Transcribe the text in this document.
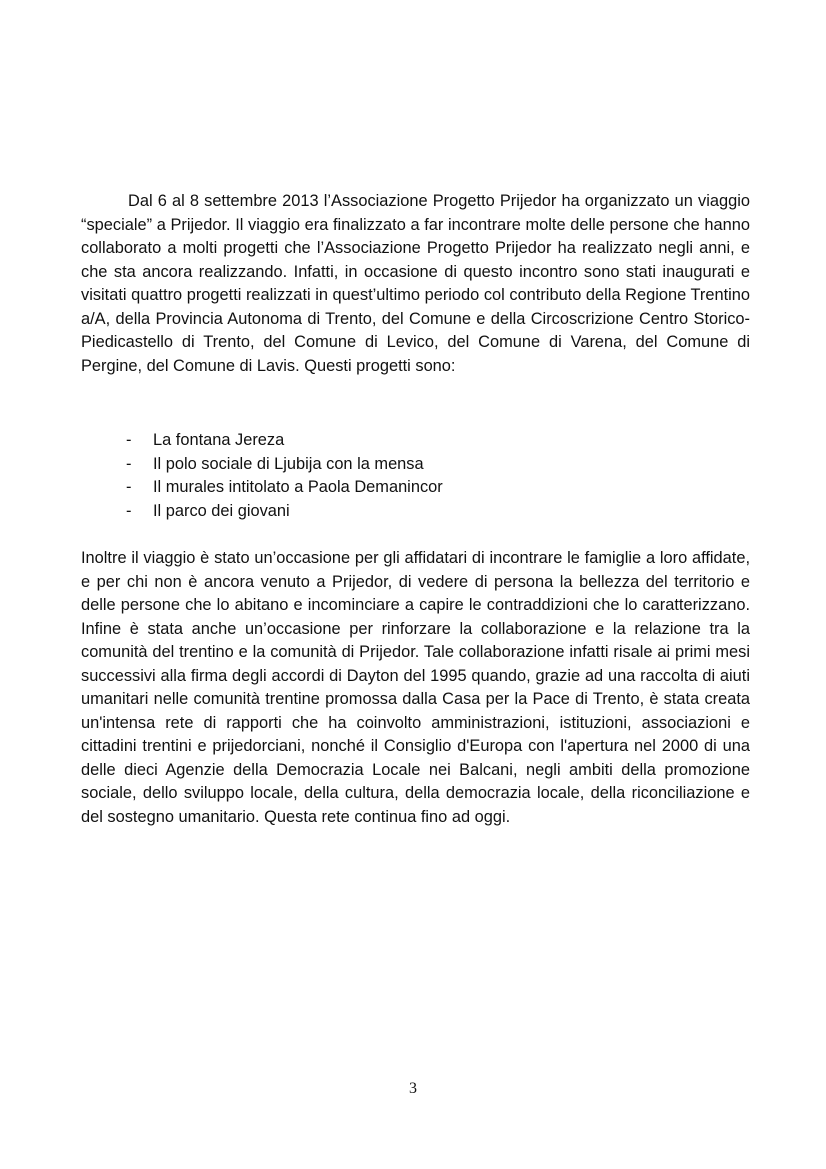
Dal 6 al 8 settembre 2013 l’Associazione Progetto Prijedor ha organizzato un viaggio “speciale” a Prijedor. Il viaggio era finalizzato a far incontrare molte delle persone che hanno collaborato a molti progetti che l’Associazione Progetto Prijedor ha realizzato negli anni, e che sta ancora realizzando. Infatti, in occasione di questo incontro sono stati inaugurati e visitati quattro progetti realizzati in quest’ultimo periodo col contributo della Regione Trentino a/A, della Provincia Autonoma di Trento, del Comune e della Circoscrizione Centro Storico-Piedicastello di Trento, del Comune di Levico, del Comune di Varena, del Comune di Pergine, del Comune di Lavis. Questi progetti sono:

-	La fontana Jereza
-	Il polo sociale di Ljubija con la mensa
-	Il murales intitolato a Paola Demanincor
-	Il parco dei giovani

Inoltre il viaggio è stato un’occasione per gli affidatari di incontrare le famiglie a loro affidate, e per chi non è ancora venuto a Prijedor, di vedere di persona la bellezza del territorio e delle persone che lo abitano e incominciare a capire le contraddizioni che lo caratterizzano. Infine è stata anche un’occasione per rinforzare la collaborazione e la relazione tra la comunità del trentino e la comunità di Prijedor. Tale collaborazione infatti risale ai primi mesi successivi alla firma degli accordi di Dayton del 1995 quando, grazie ad una raccolta di aiuti umanitari nelle comunità trentine promossa dalla Casa per la Pace di Trento, è stata creata un'intensa rete di rapporti che ha coinvolto amministrazioni, istituzioni, associazioni e cittadini trentini e prijedorciani, nonché il Consiglio d'Europa con l'apertura nel 2000 di una delle dieci Agenzie della Democrazia Locale nei Balcani, negli ambiti della promozione sociale, dello sviluppo locale, della cultura, della democrazia locale, della riconciliazione e del sostegno umanitario. Questa rete continua fino ad oggi.

3
